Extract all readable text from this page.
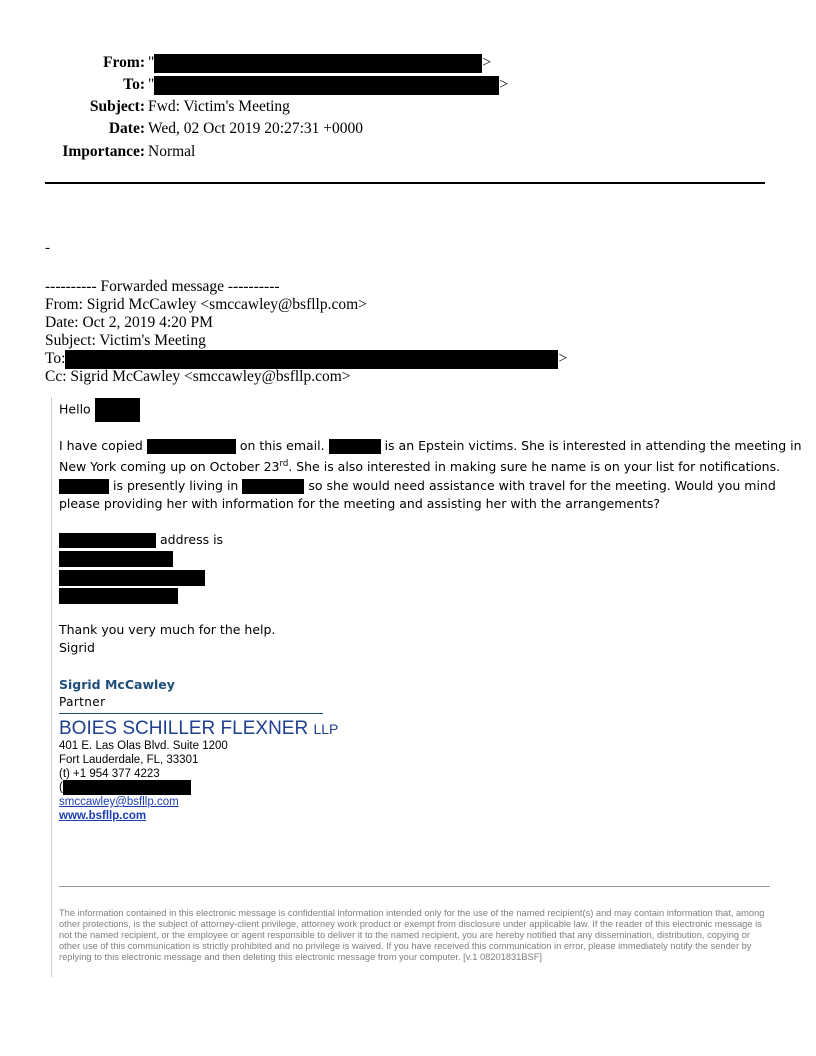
From: "	>
To: "	>
Subject: Fwd: Victim's Meeting
Date: Wed, 02 Oct 2019 20:27:31 +0000
Importance: Normal
-
---------- Forwarded message ----------
From: Sigrid McCawley <smccawley@bsfllp.com>
Date: Oct 2, 2019 4:20 PM
Subject: Victim's Meeting
To:	>
Cc: Sigrid McCawley <smccawley@bsfllp.com>
Hello
I have copied	on this email.	is an Epstein victims. She is interested in attending the meeting in
New York coming up on October 23rd. She is also interested in making sure he name is on your list for notifications.
is presently living in	so she would need assistance with travel for the meeting. Would you mind
please providing her with information for the meeting and assisting her with the arrangements?
address is
Thank you very much for the help.
Sigrid
Sigrid McCawley
Partner
BOIES SCHILLER FLEXNER LLP
401 E. Las Olas Blvd. Suite 1200
Fort Lauderdale, FL, 33301
(t) +1 954 377 4223
(
smccawley@bsfllp.com
www.bsfllp.com
The information contained in this electronic message is confidential information intended only for the use of the named recipient(s) and may contain information that, among other protections, is the subject of attorney-client privilege, attorney work product or exempt from disclosure under applicable law. If the reader of this electronic message is not the named recipient, or the employee or agent responsible to deliver it to the named recipient, you are hereby notified that any dissemination, distribution, copying or other use of this communication is strictly prohibited and no privilege is waived. If you have received this communication in error, please immediately notify the sender by replying to this electronic message and then deleting this electronic message from your computer. [v.1 08201831BSF]
